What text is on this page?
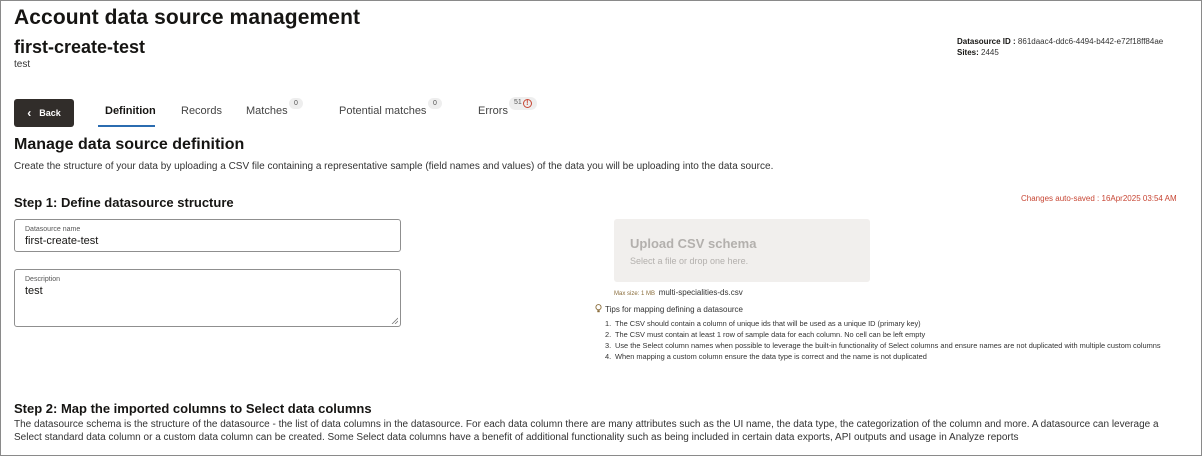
Account data source management
first-create-test
test
Datasource ID : 861daac4-ddc6-4494-b442-e72f18ff84ae
Sites: 2445
‹ Back	Definition Records Matches
0
Potential matches
0
Errors
51 !
Manage data source definition
Create the structure of your data by uploading a CSV file containing a representative sample (field names and values) of the data you will be uploading into the data source.
Step 1: Define datasource structure	Changes auto-saved : 16Apr2025 03:54 AM
Datasource name
first-create-test
Description
test
Upload CSV schema
Select a file or drop one here.
Max size: 1 MB multi-specialities-ds.csv
Tips for mapping defining a datasource
1. The CSV should contain a column of unique ids that will be used as a unique ID (primary key)
2. The CSV must contain at least 1 row of sample data for each column. No cell can be left empty
3. Use the Select column names when possible to leverage the built-in functionality of Select columns and ensure names are not duplicated with multiple custom columns
4. When mapping a custom column ensure the data type is correct and the name is not duplicated
Step 2: Map the imported columns to Select data columns
The datasource schema is the structure of the datasource - the list of data columns in the datasource. For each data column there are many attributes such as the UI name, the data type, the categorization of the column and more. A datasource can leverage a Select standard data column or a custom data column can be created. Some Select data columns have a benefit of additional functionality such as being included in certain data exports, API outputs and usage in Analyze reports
